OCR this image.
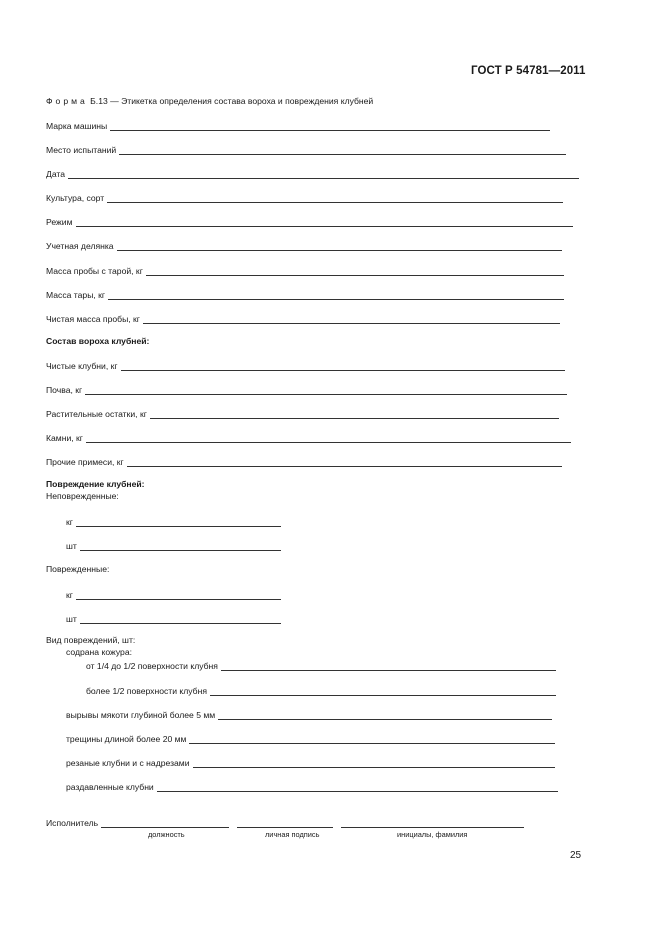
ГОСТ Р 54781—2011
Форма Б.13 — Этикетка определения состава вороха и повреждения клубней
Марка машины
Место испытаний
Дата
Культура, сорт
Режим
Учетная делянка
Масса пробы с тарой, кг
Масса тары, кг
Чистая масса пробы, кг
Состав вороха клубней:
Чистые клубни, кг
Почва, кг
Растительные остатки, кг
Камни, кг
Прочие примеси, кг
Повреждение клубней:
Неповрежденные:
кг
шт
Поврежденные:
кг
шт
Вид повреждений, шт:
содрана кожура:
от 1/4 до 1/2 поверхности клубня
более 1/2 поверхности клубня
вырывы мякоти глубиной более 5 мм
трещины длиной более 20 мм
резаные клубни и с надрезами
раздавленные клубни
Исполнитель
должность	личная подпись	инициалы, фамилия
25
